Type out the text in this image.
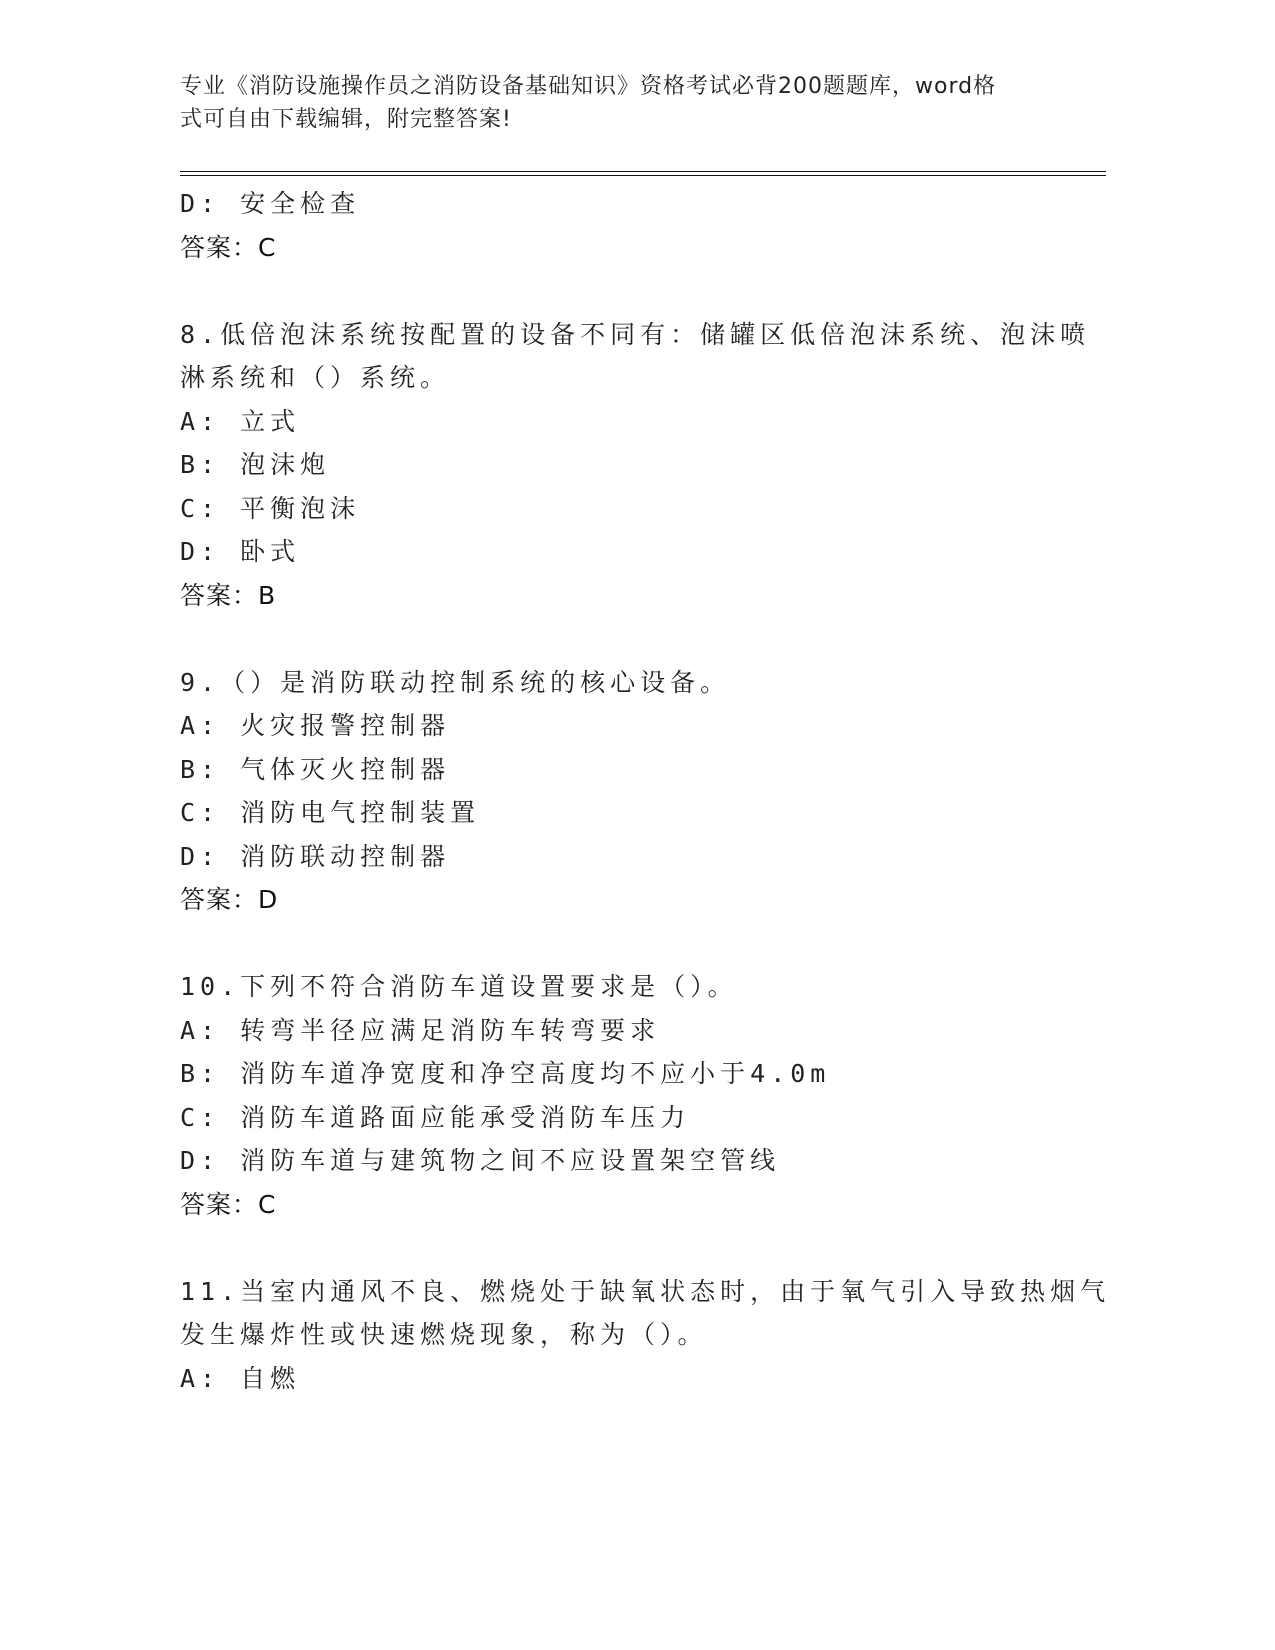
专业《消防设施操作员之消防设备基础知识》资格考试必背200题题库，word格
式可自由下载编辑，附完整答案!
D: 安全检查
答案：C
8.低倍泡沫系统按配置的设备不同有：储罐区低倍泡沫系统、泡沫喷
淋系统和（）系统。
A: 立式
B: 泡沫炮
C: 平衡泡沫
D: 卧式
答案：B
9.（）是消防联动控制系统的核心设备。
A: 火灾报警控制器
B: 气体灭火控制器
C: 消防电气控制装置
D: 消防联动控制器
答案：D
10.下列不符合消防车道设置要求是（）。
A: 转弯半径应满足消防车转弯要求
B: 消防车道净宽度和净空高度均不应小于4.0m
C: 消防车道路面应能承受消防车压力
D: 消防车道与建筑物之间不应设置架空管线
答案：C
11.当室内通风不良、燃烧处于缺氧状态时，由于氧气引入导致热烟气
发生爆炸性或快速燃烧现象，称为（）。
A: 自燃
